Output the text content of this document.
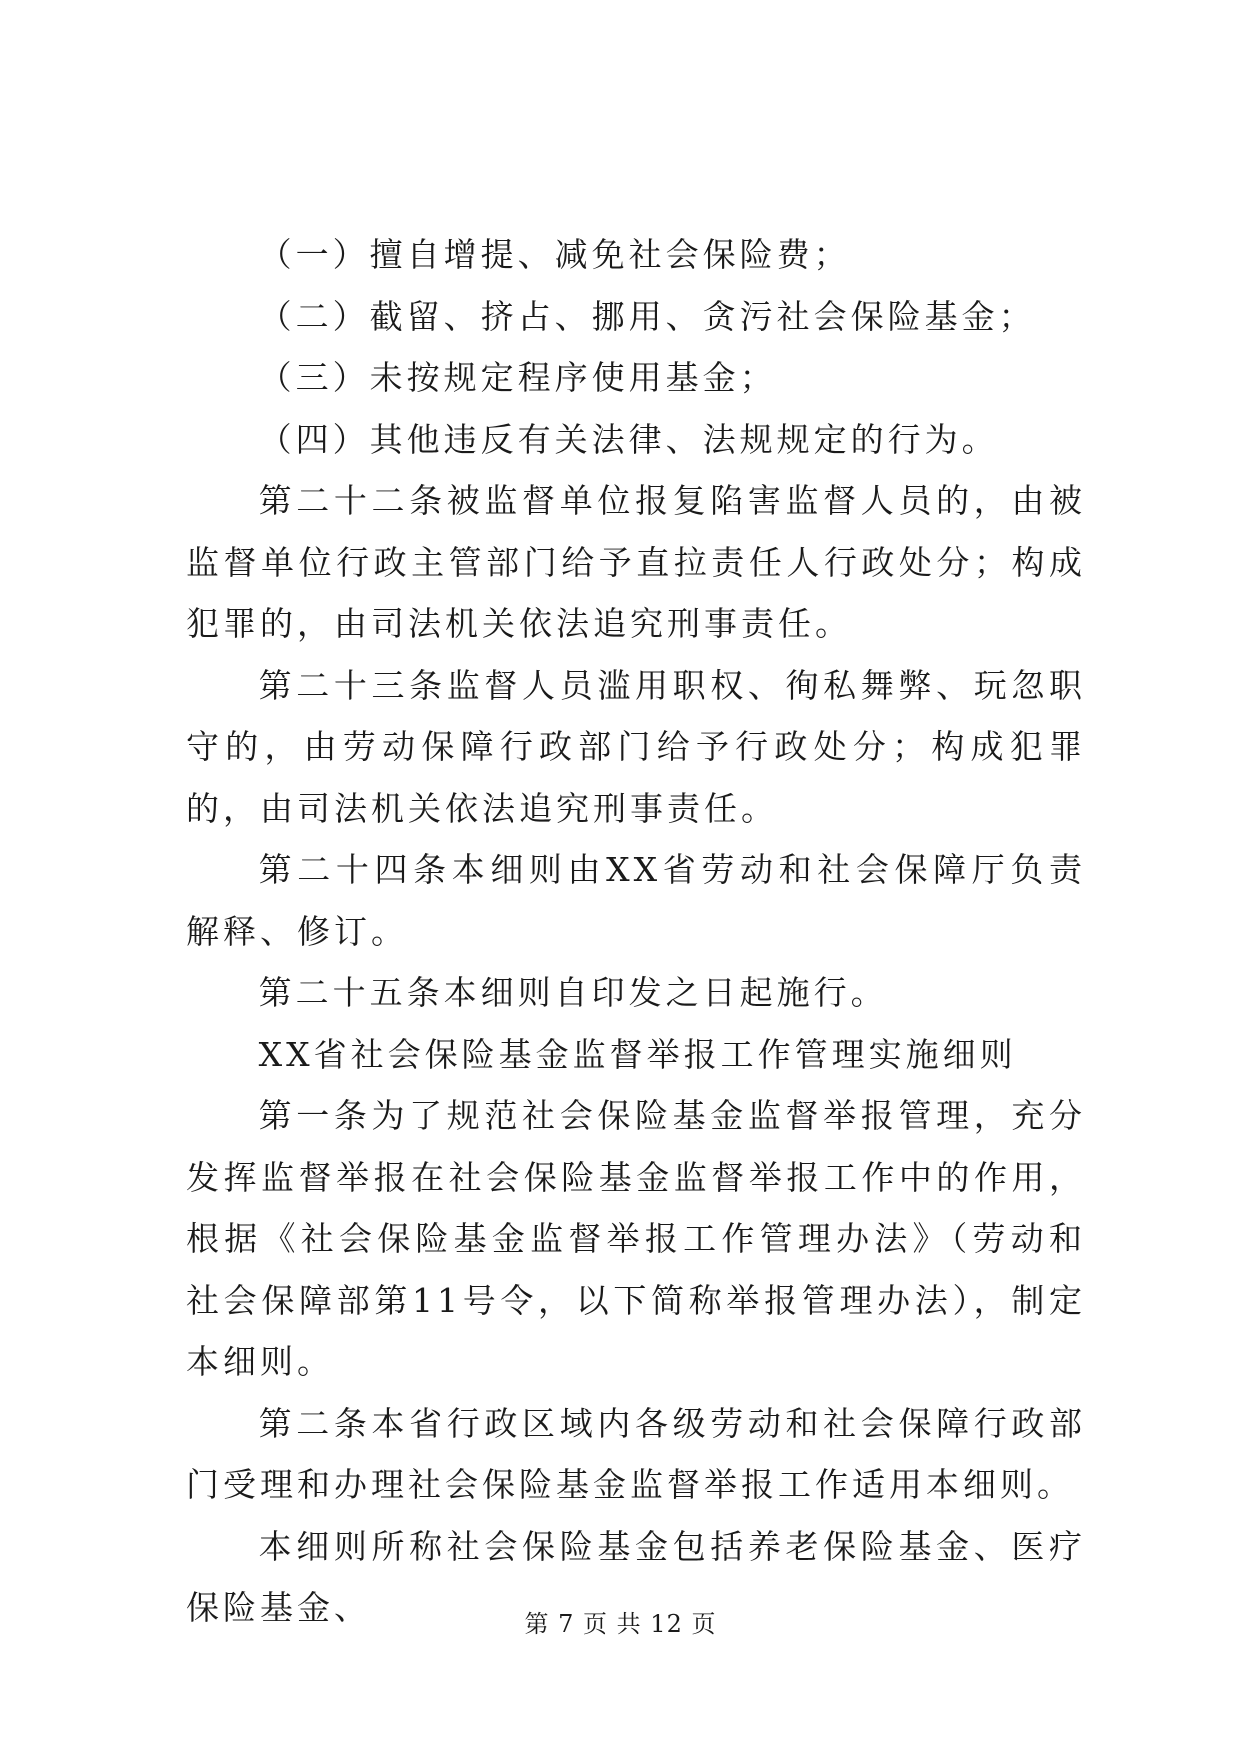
（一）擅自增提、减免社会保险费；

（二）截留、挤占、挪用、贪污社会保险基金；

（三）未按规定程序使用基金；

（四）其他违反有关法律、法规规定的行为。

第二十二条被监督单位报复陷害监督人员的，由被监督单位行政主管部门给予直拉责任人行政处分；构成犯罪的，由司法机关依法追究刑事责任。

第二十三条监督人员滥用职权、徇私舞弊、玩忽职守的，由劳动保障行政部门给予行政处分；构成犯罪的，由司法机关依法追究刑事责任。

第二十四条本细则由XX省劳动和社会保障厅负责解释、修订。

第二十五条本细则自印发之日起施行。

XX省社会保险基金监督举报工作管理实施细则

第一条为了规范社会保险基金监督举报管理，充分发挥监督举报在社会保险基金监督举报工作中的作用，根据《社会保险基金监督举报工作管理办法》（劳动和社会保障部第11号令，以下简称举报管理办法），制定本细则。

第二条本省行政区域内各级劳动和社会保障行政部门受理和办理社会保险基金监督举报工作适用本细则。

本细则所称社会保险基金包括养老保险基金、医疗保险基金、	第 7 页 共 12 页
